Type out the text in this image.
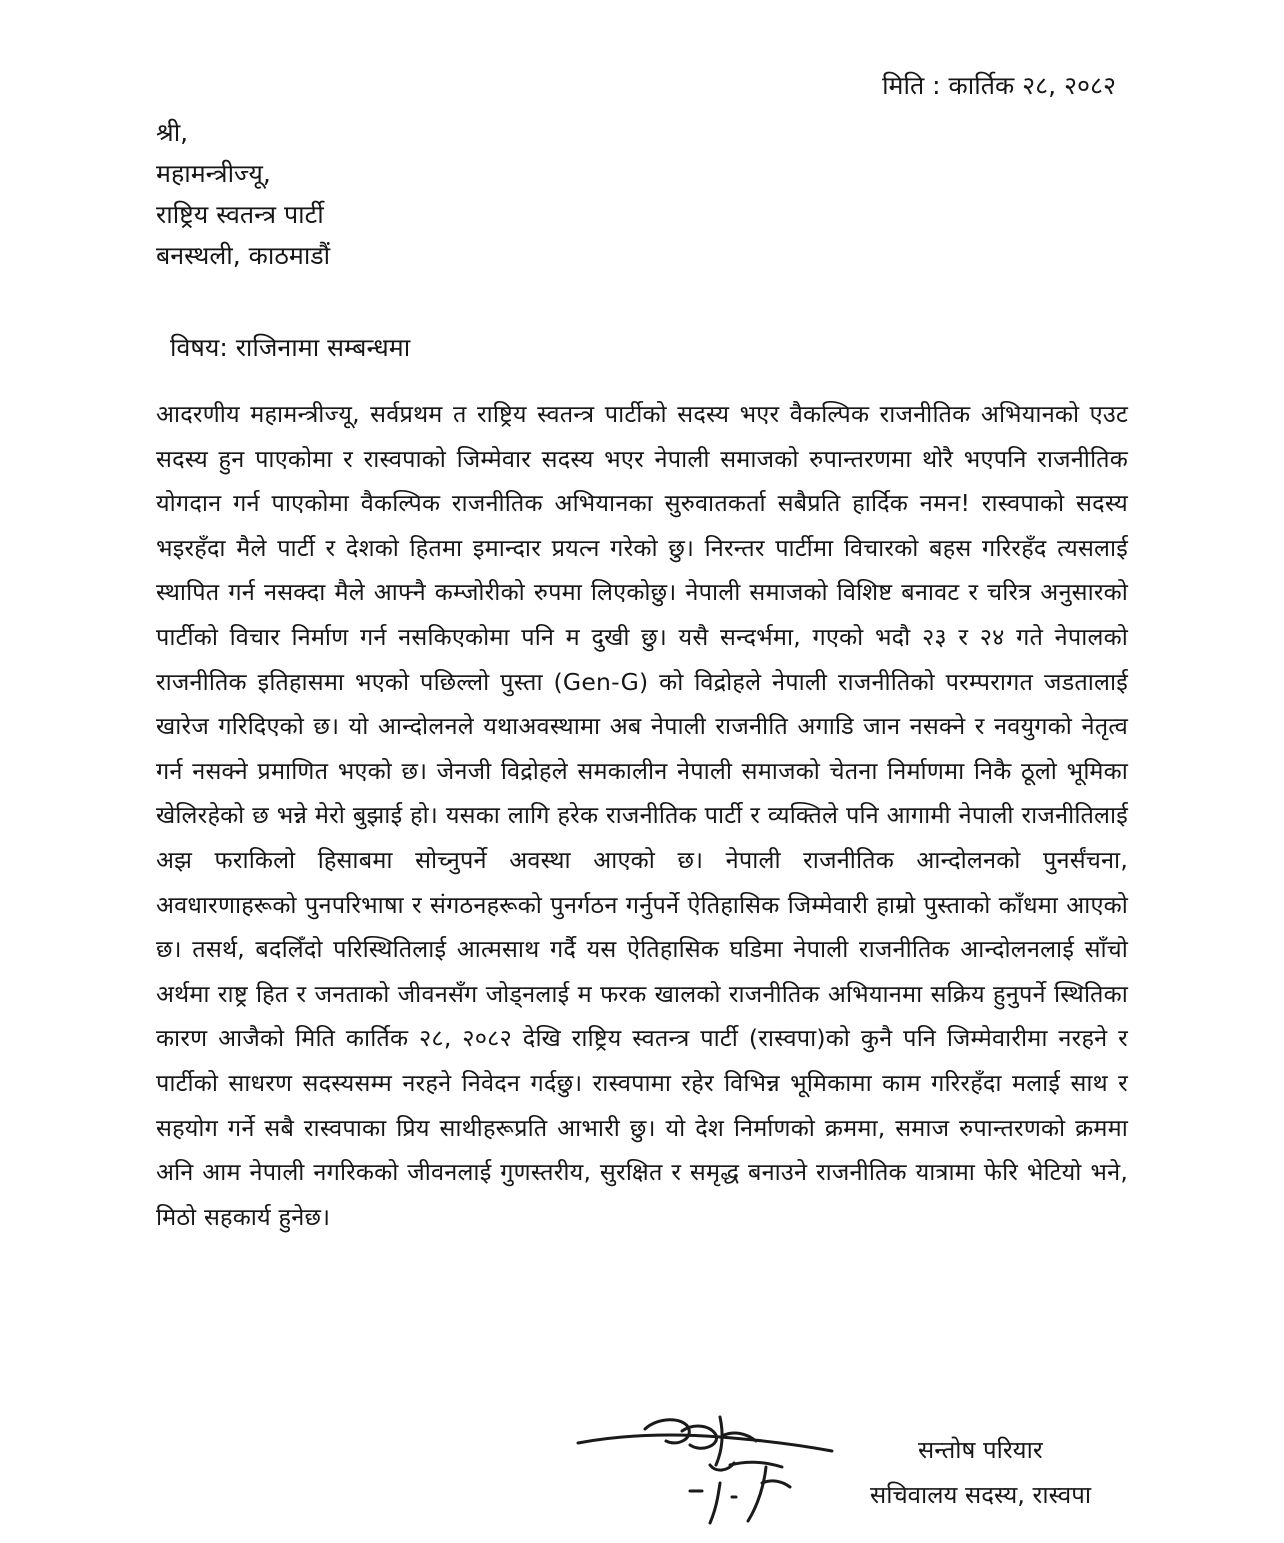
मिति : कार्तिक २८, २०८२
श्री,
महामन्त्रीज्यू,
राष्ट्रिय स्वतन्त्र पार्टी
बनस्थली, काठमाडौं
विषय: राजिनामा सम्बन्धमा
आदरणीय महामन्त्रीज्यू, सर्वप्रथम त राष्ट्रिय स्वतन्त्र पार्टीको सदस्य भएर वैकल्पिक राजनीतिक अभियानको एउट सदस्य हुन पाएकोमा र रास्वपाको जिम्मेवार सदस्य भएर नेपाली समाजको रुपान्तरणमा थोरै भएपनि राजनीतिक योगदान गर्न पाएकोमा वैकल्पिक राजनीतिक अभियानका सुरुवातकर्ता सबैप्रति हार्दिक नमन! रास्वपाको सदस्य भइरहँदा मैले पार्टी र देशको हितमा इमान्दार प्रयत्न गरेको छु। निरन्तर पार्टीमा विचारको बहस गरिरहँद त्यसलाई स्थापित गर्न नसक्दा मैले आफ्नै कम्जोरीको रुपमा लिएकोछु। नेपाली समाजको विशिष्ट बनावट र चरित्र अनुसारको पार्टीको विचार निर्माण गर्न नसकिएकोमा पनि म दुखी छु। यसै सन्दर्भमा, गएको भदौ २३ र २४ गते नेपालको राजनीतिक इतिहासमा भएको पछिल्लो पुस्ता (Gen-G) को विद्रोहले नेपाली राजनीतिको परम्परागत जडतालाई खारेज गरिदिएको छ। यो आन्दोलनले यथाअवस्थामा अब नेपाली राजनीति अगाडि जान नसक्ने र नवयुगको नेतृत्व गर्न नसक्ने प्रमाणित भएको छ। जेनजी विद्रोहले समकालीन नेपाली समाजको चेतना निर्माणमा निकै ठूलो भूमिका खेलिरहेको छ भन्ने मेरो बुझाई हो। यसका लागि हरेक राजनीतिक पार्टी र व्यक्तिले पनि आगामी नेपाली राजनीतिलाई अझ फराकिलो हिसाबमा सोच्नुपर्ने अवस्था आएको छ। नेपाली राजनीतिक आन्दोलनको पुनर्संचना, अवधारणाहरूको पुनपरिभाषा र संगठनहरूको पुनर्गठन गर्नुपर्ने ऐतिहासिक जिम्मेवारी हाम्रो पुस्ताको काँधमा आएको छ। तसर्थ, बदलिँदो परिस्थितिलाई आत्मसाथ गर्दै यस ऐतिहासिक घडिमा नेपाली राजनीतिक आन्दोलनलाई साँचो अर्थमा राष्ट्र हित र जनताको जीवनसँग जोड्नलाई म फरक खालको राजनीतिक अभियानमा सक्रिय हुनुपर्ने स्थितिका कारण आजैको मिति कार्तिक २८, २०८२ देखि राष्ट्रिय स्वतन्त्र पार्टी (रास्वपा)को कुनै पनि जिम्मेवारीमा नरहने र पार्टीको साधरण सदस्यसम्म नरहने निवेदन गर्दछु। रास्वपामा रहेर विभिन्न भूमिकामा काम गरिरहँदा मलाई साथ र सहयोग गर्ने सबै रास्वपाका प्रिय साथीहरूप्रति आभारी छु। यो देश निर्माणको क्रममा, समाज रुपान्तरणको क्रममा अनि आम नेपाली नगरिकको जीवनलाई गुणस्तरीय, सुरक्षित र समृद्ध बनाउने राजनीतिक यात्रामा फेरि भेटियो भने, मिठो सहकार्य हुनेछ।
सन्तोष परियार
सचिवालय सदस्य, रास्वपा
